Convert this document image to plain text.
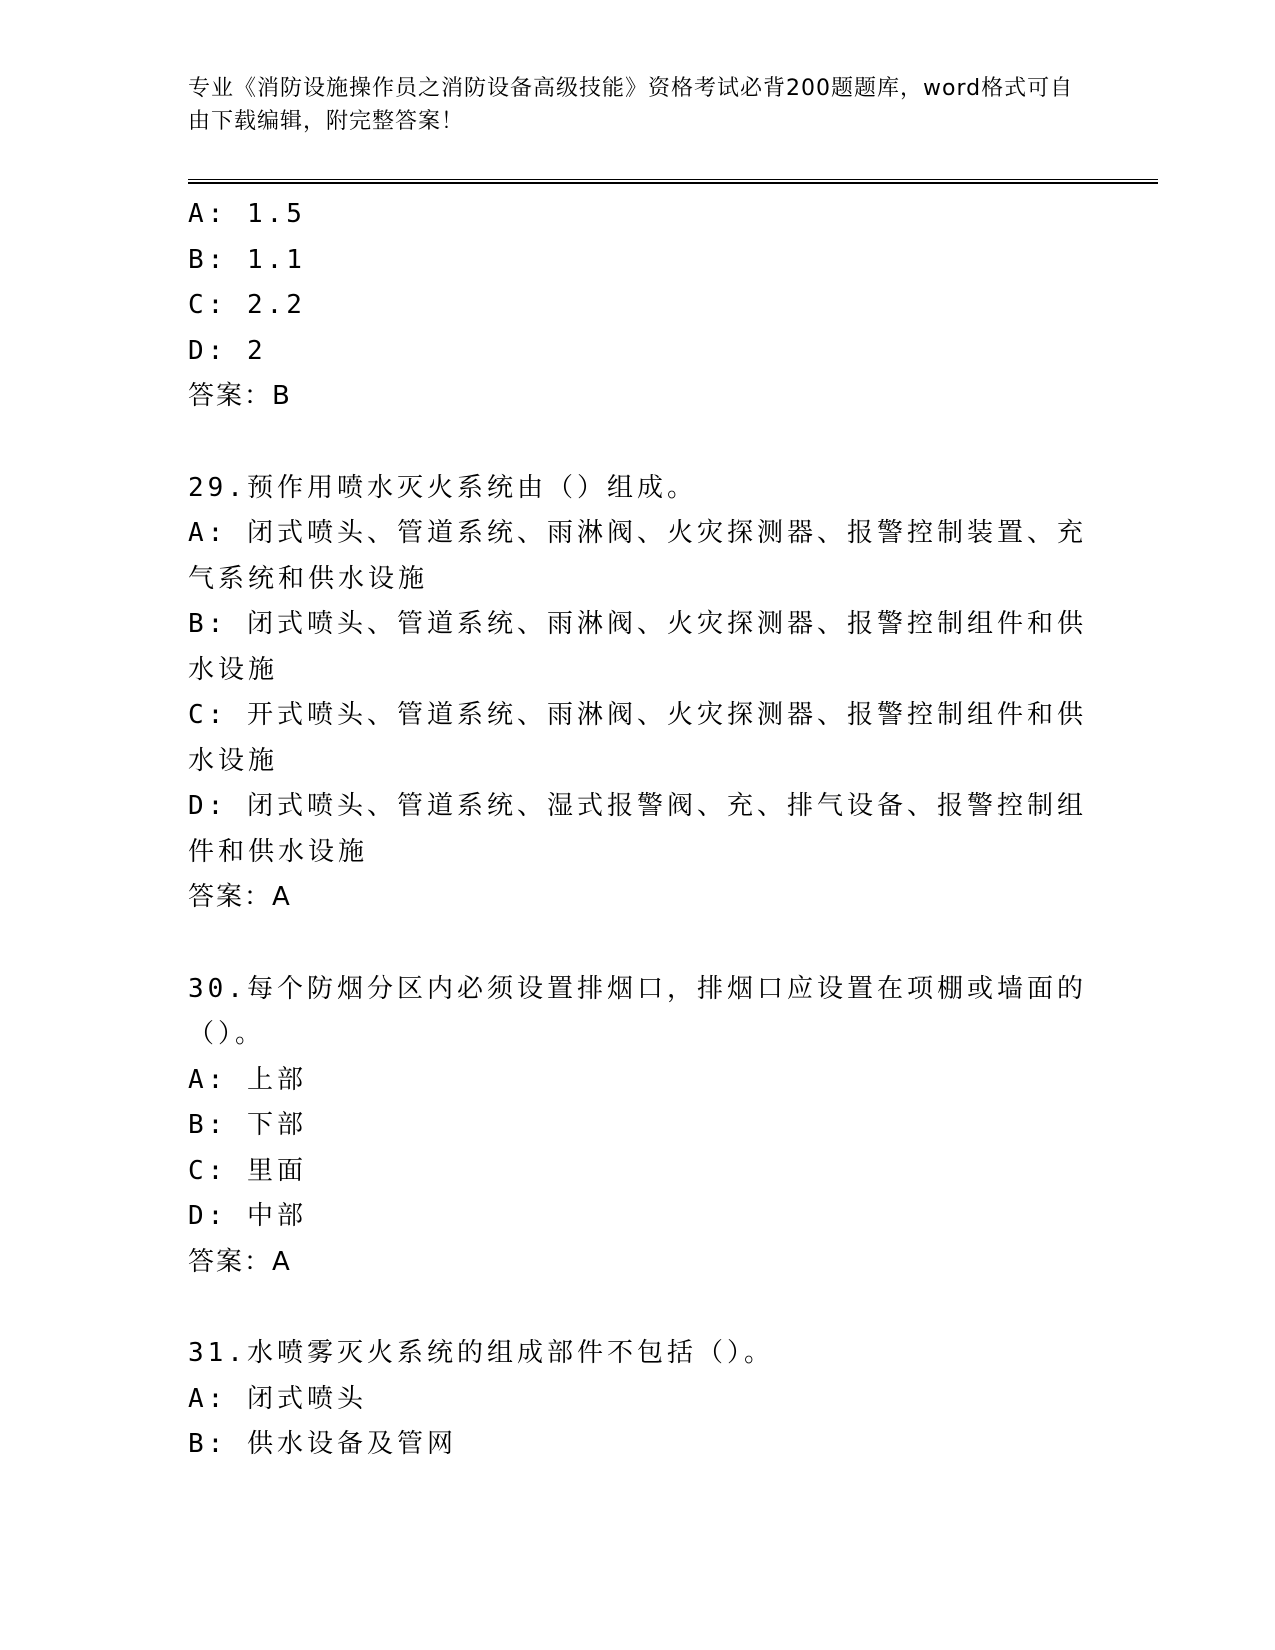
专业《消防设施操作员之消防设备高级技能》资格考试必背200题题库，word格式可自由下载编辑，附完整答案！
A: 1.5
B: 1.1
C: 2.2
D: 2
答案：B
29.预作用喷水灭火系统由（）组成。
A: 闭式喷头、管道系统、雨淋阀、火灾探测器、报警控制装置、充气系统和供水设施
B: 闭式喷头、管道系统、雨淋阀、火灾探测器、报警控制组件和供水设施
C: 开式喷头、管道系统、雨淋阀、火灾探测器、报警控制组件和供水设施
D: 闭式喷头、管道系统、湿式报警阀、充、排气设备、报警控制组件和供水设施
答案：A
30.每个防烟分区内必须设置排烟口，排烟口应设置在项棚或墙面的（）。
A: 上部
B: 下部
C: 里面
D: 中部
答案：A
31.水喷雾灭火系统的组成部件不包括（）。
A: 闭式喷头
B: 供水设备及管网
